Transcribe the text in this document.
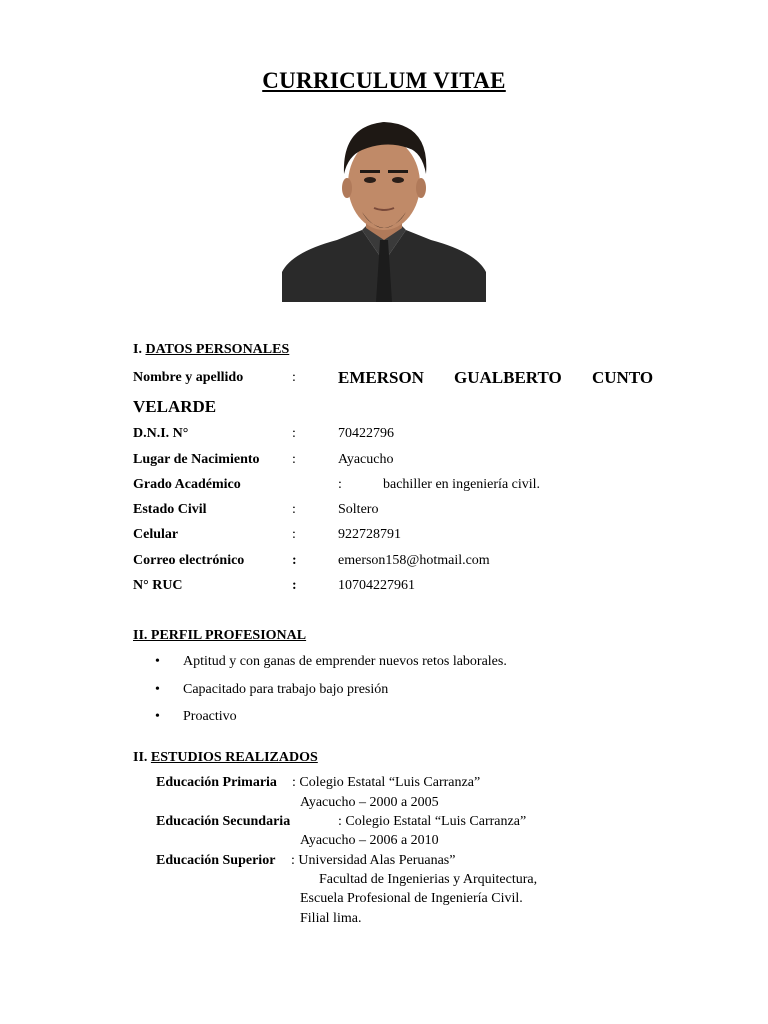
CURRICULUM VITAE
I. DATOS PERSONALES
Nombre y apellido	: EMERSON GUALBERTO CUNTO
VELARDE
D.N.I. N°	:	70422796
Lugar de Nacimiento :	Ayacucho
Grado Académico	:	bachiller en ingeniería civil.
Estado Civil	:	Soltero
Celular	:	922728791
Correo electrónico	:	emerson158@hotmail.com
N° RUC	:	10704227961
II. PERFIL PROFESIONAL
• Aptitud y con ganas de emprender nuevos retos laborales.
• Capacitado para trabajo bajo presión
• Proactivo
II. ESTUDIOS REALIZADOS
Educación Primaria : Colegio Estatal “Luis Carranza”
Ayacucho – 2000 a 2005
Educación Secundaria	: Colegio Estatal “Luis Carranza”
Ayacucho – 2006 a 2010
Educación Superior : Universidad Alas Peruanas”
Facultad de Ingenierias y Arquitectura,
Escuela Profesional de Ingeniería Civil.
Filial lima.
